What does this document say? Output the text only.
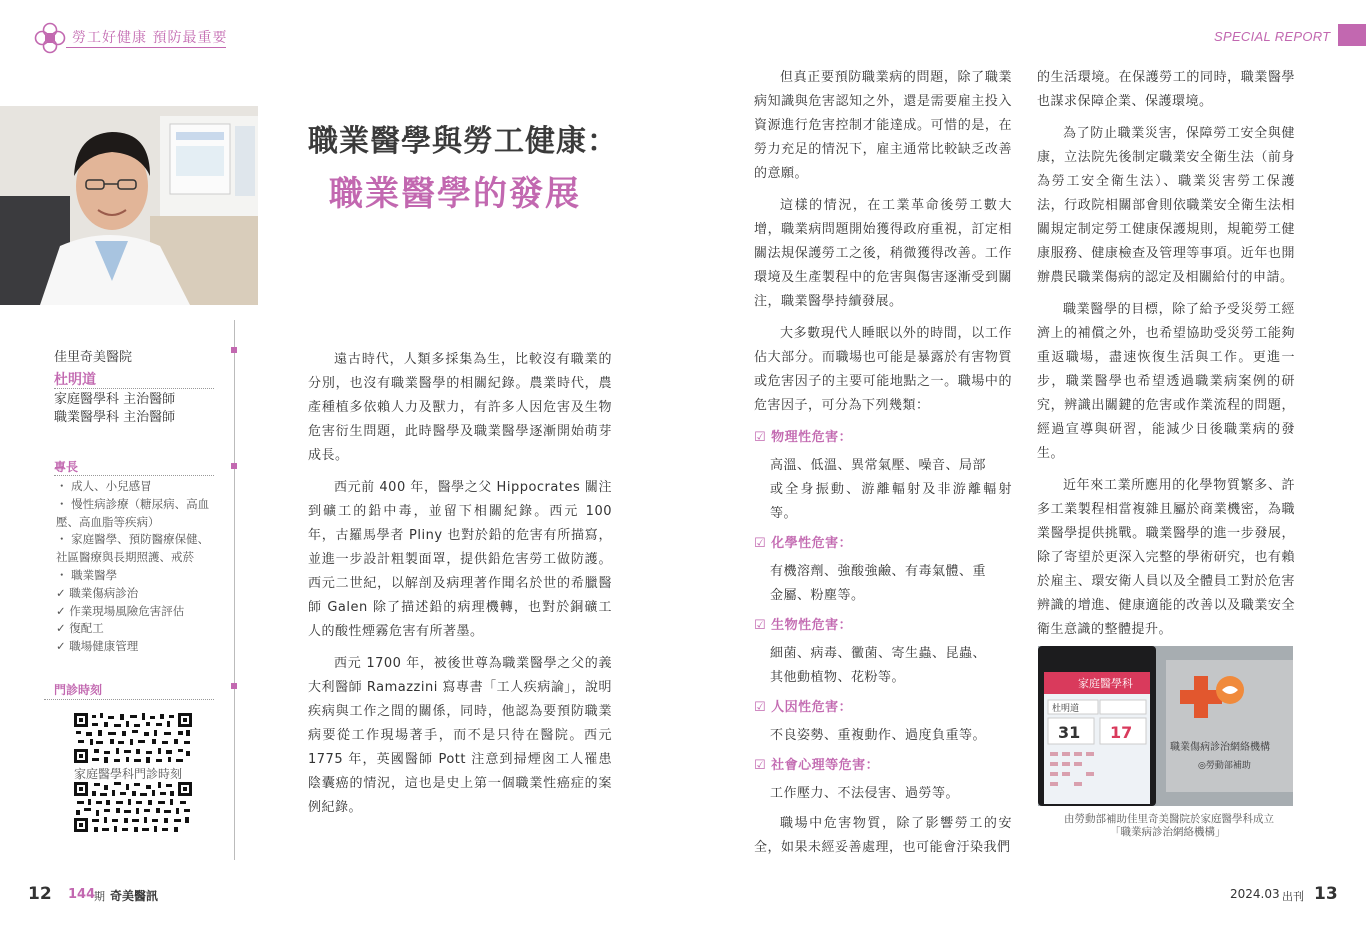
勞工好健康 預防最重要	SPECIAL REPORT
職業醫學與勞工健康：
職業醫學的發展
佳里奇美醫院
杜明道
家庭醫學科 主治醫師
職業醫學科 主治醫師
專長
・ 成人、小兒感冒
・ 慢性病診療（糖尿病、高血
壓、高血脂等疾病）
・ 家庭醫學、預防醫療保健、
社區醫療與長期照護、戒菸
・ 職業醫學
✓ 職業傷病診治
✓ 作業現場風險危害評估
✓ 復配工
✓ 職場健康管理
門診時刻
家庭醫學科門診時刻

遠古時代，人類多採集為生，比較沒有職業的分別，也沒有職業醫學的相關紀錄。農業時代，農產種植多依賴人力及獸力，有許多人因危害及生物危害衍生問題，此時醫學及職業醫學逐漸開始萌芽成長。

西元前 400 年，醫學之父 Hippocrates 關注到礦工的鉛中毒，並留下相關紀錄。西元 100 年，古羅馬學者 Pliny 也對於鉛的危害有所描寫，並進一步設計粗製面罩，提供鉛危害勞工做防護。西元二世紀，以解剖及病理著作聞名於世的希臘醫師 Galen 除了描述鉛的病理機轉，也對於銅礦工人的酸性煙霧危害有所著墨。

西元 1700 年，被後世尊為職業醫學之父的義大利醫師 Ramazzini 寫專書「工人疾病論」，說明疾病與工作之間的關係，同時，他認為要預防職業病要從工作現場著手，而不是只待在醫院。西元1775 年，英國醫師 Pott 注意到掃煙囪工人罹患陰囊癌的情況，這也是史上第一個職業性癌症的案例紀錄。

但真正要預防職業病的問題，除了職業病知識與危害認知之外，還是需要雇主投入資源進行危害控制才能達成。可惜的是，在勞力充足的情況下，雇主通常比較缺乏改善的意願。

這樣的情況，在工業革命後勞工數大增，職業病問題開始獲得政府重視，訂定相關法規保護勞工之後，稍微獲得改善。工作環境及生產製程中的危害與傷害逐漸受到關注，職業醫學持續發展。

大多數現代人睡眠以外的時間，以工作佔大部分。而職場也可能是暴露於有害物質或危害因子的主要可能地點之一。職場中的危害因子，可分為下列幾類：

☑ 物理性危害：
高溫、低溫、異常氣壓、噪音、局部
或全身振動、游離輻射及非游離輻射等。
☑ 化學性危害：
有機溶劑、強酸強鹼、有毒氣體、重
金屬、粉塵等。
☑ 生物性危害：
細菌、病毒、黴菌、寄生蟲、昆蟲、
其他動植物、花粉等。
☑ 人因性危害：
不良姿勢、重複動作、過度負重等。
☑ 社會心理等危害：
工作壓力、不法侵害、過勞等。

職場中危害物質，除了影響勞工的安全，如果未經妥善處理，也可能會汙染我們

的生活環境。在保護勞工的同時，職業醫學也謀求保障企業、保護環境。

為了防止職業災害，保障勞工安全與健康，立法院先後制定職業安全衛生法（前身為勞工安全衛生法）、職業災害勞工保護法，行政院相關部會則依職業安全衛生法相關規定制定勞工健康保護規則，規範勞工健康服務、健康檢查及管理等事項。近年也開辦農民職業傷病的認定及相關給付的申請。

職業醫學的目標，除了給予受災勞工經濟上的補償之外，也希望協助受災勞工能夠重返職場，盡速恢復生活與工作。更進一步，職業醫學也希望透過職業病案例的研究，辨識出關鍵的危害或作業流程的問題，經過宣導與研習，能減少日後職業病的發生。

近年來工業所應用的化學物質繁多、許多工業製程相當複雜且屬於商業機密，為職業醫學提供挑戰。職業醫學的進一步發展，除了寄望於更深入完整的學術研究，也有賴於雇主、環安衛人員以及全體員工對於危害辨識的增進、健康適能的改善以及職業安全衛生意識的整體提升。

家庭醫學科
杜明道
31 17
職業傷病診治網絡機構
◎勞動部補助
由勞動部補助佳里奇美醫院於家庭醫學科成立
「職業病診治網絡機構」
12 144
期 奇美醫訊	2024.03 出刊 13
